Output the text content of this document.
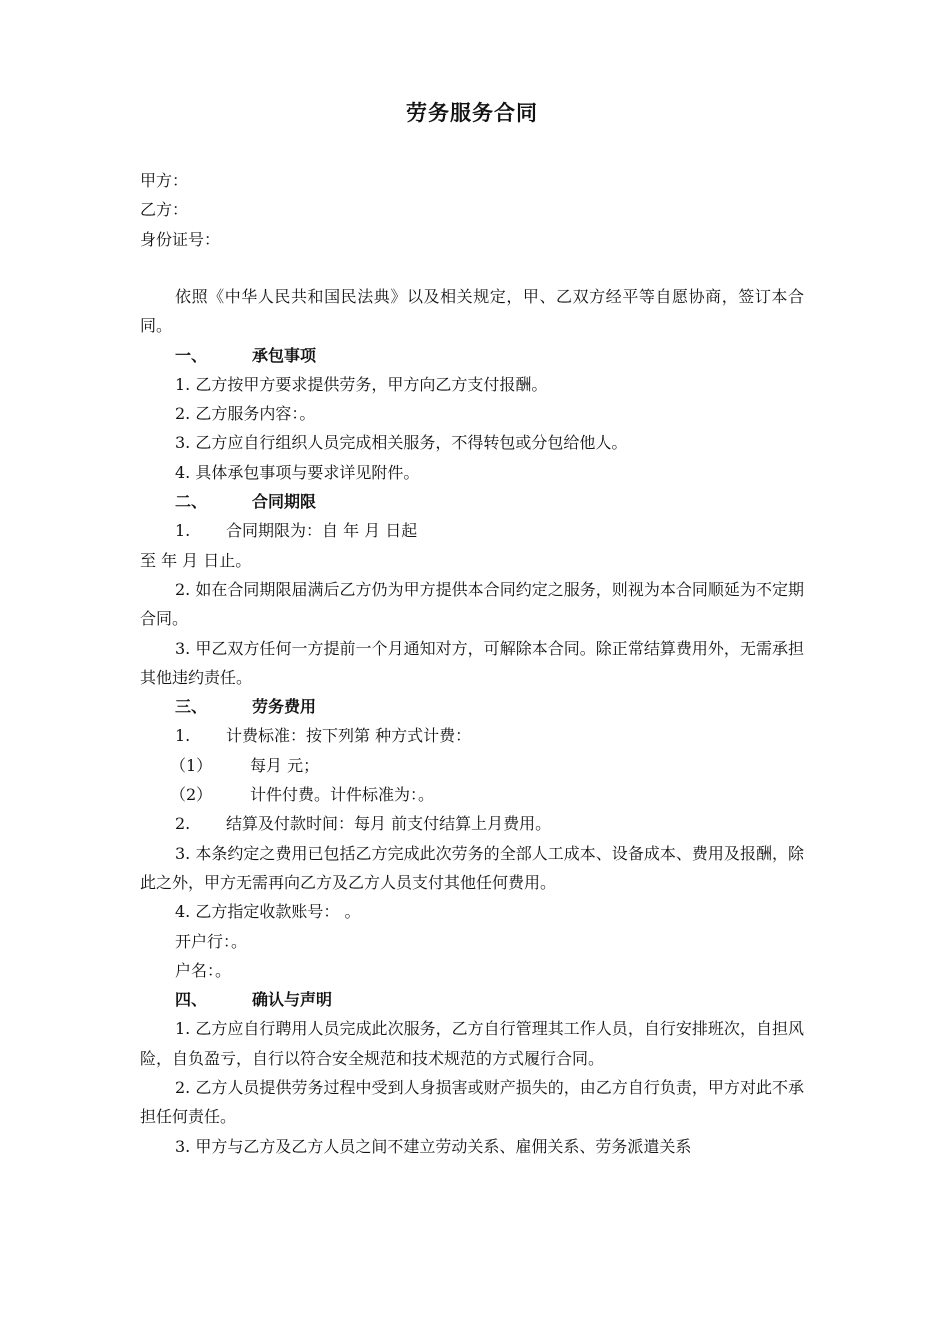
劳务服务合同

甲方：

乙方：

身份证号：

依照《中华人民共和国民法典》以及相关规定，甲、乙双方经平等自愿协商，签订本合同。

一、	承包事项

1. 乙方按甲方要求提供劳务，甲方向乙方支付报酬。

2. 乙方服务内容：。

3. 乙方应自行组织人员完成相关服务，不得转包或分包给他人。

4. 具体承包事项与要求详见附件。

二、	合同期限

1. 合同期限为：自 年 月 日起

至 年 月 日止。

2. 如在合同期限届满后乙方仍为甲方提供本合同约定之服务，则视为本合同顺延为不定期合同。

3. 甲乙双方任何一方提前一个月通知对方，可解除本合同。除正常结算费用外，无需承担其他违约责任。

三、	劳务费用

1. 计费标准：按下列第 种方式计费：

（1） 每月 元；

（2） 计件付费。计件标准为：。

2. 结算及付款时间：每月 前支付结算上月费用。

3. 本条约定之费用已包括乙方完成此次劳务的全部人工成本、设备成本、费用及报酬，除此之外，甲方无需再向乙方及乙方人员支付其他任何费用。

4. 乙方指定收款账号： 。

开户行：。

户名：。

四、	确认与声明

1. 乙方应自行聘用人员完成此次服务，乙方自行管理其工作人员，自行安排班次，自担风险，自负盈亏，自行以符合安全规范和技术规范的方式履行合同。

2. 乙方人员提供劳务过程中受到人身损害或财产损失的，由乙方自行负责，甲方对此不承担任何责任。

3. 甲方与乙方及乙方人员之间不建立劳动关系、雇佣关系、劳务派遣关系
